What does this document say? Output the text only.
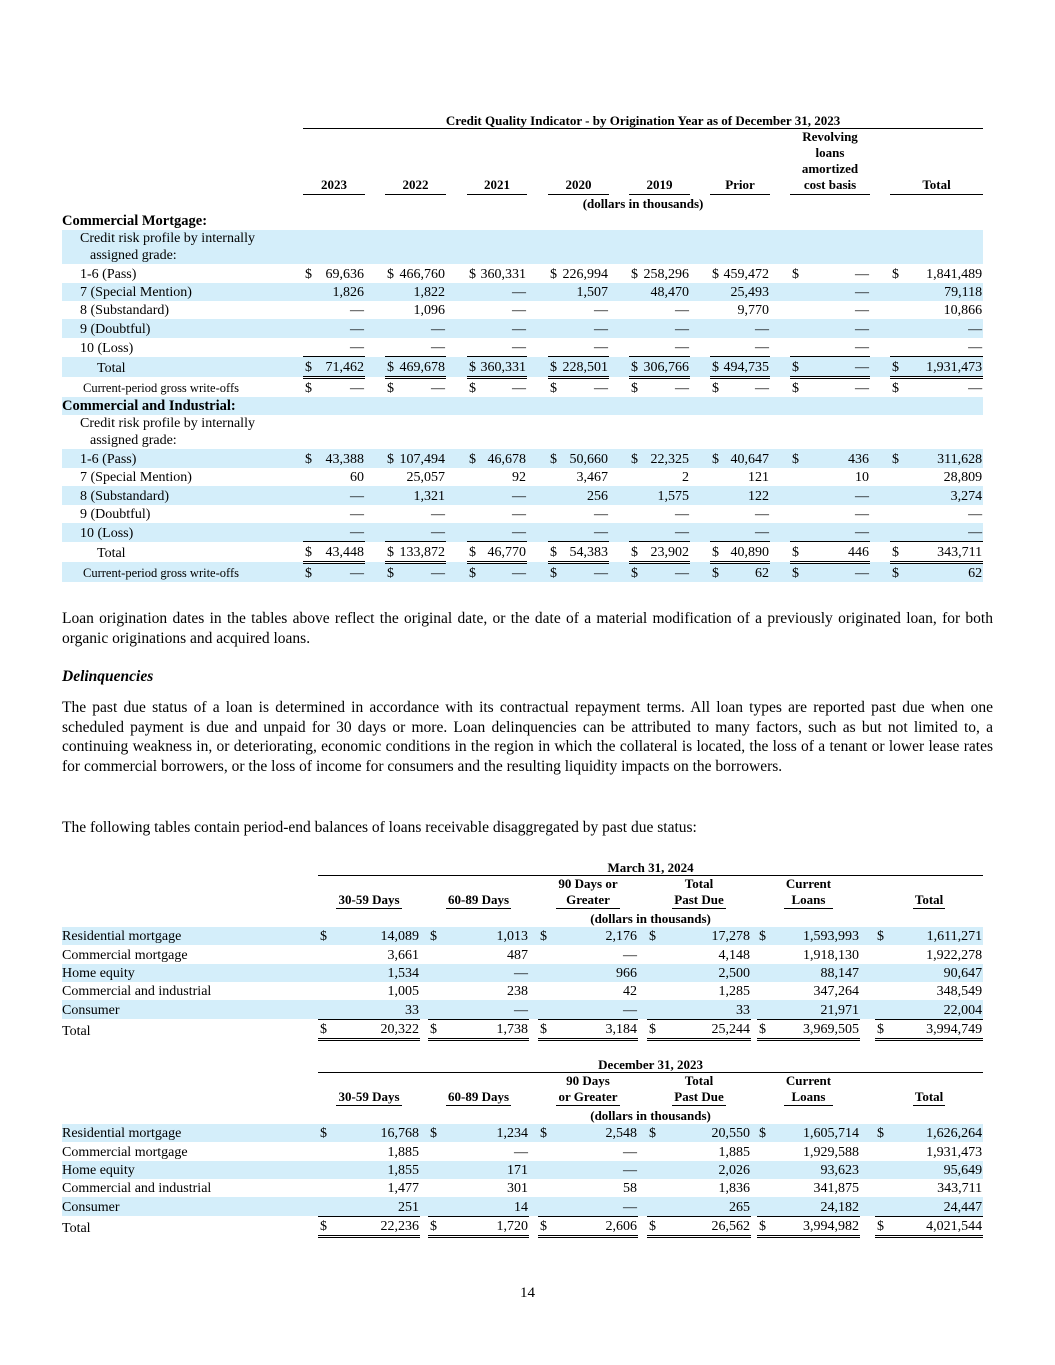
	Credit Quality Indicator - by Origination Year as of December 31, 2023														
	2023		2022		2021		2020		2019		Prior		Revolving
loans
amortized
cost basis		Total
	(dollars in thousands)														
Commercial Mortgage:															

Credit risk profile by internally
assigned grade:															

1-6 (Pass)	$ 69,636		$ 466,760		$ 360,331		$ 226,994		$ 258,296		$ 459,472		$ —		$ 1,841,489
7 (Special Mention)	1,826		1,822		—		1,507		48,470		25,493		—		79,118
8 (Substandard)	—		1,096		—		—		—		9,770		—		10,866
9 (Doubtful)	—		—		—		—		—		—		—		—
10 (Loss)	—		—		—		—		—		—		—		—
Total	$ 71,462		$ 469,678		$ 360,331		$ 228,501		$ 306,766		$ 494,735		$ —		$ 1,931,473
Current-period gross write-offs	$ —		$ —		$ —		$ —		$ —		$ —		$ —		$ —
Commercial and Industrial:															

Credit risk profile by internally
assigned grade:															

1-6 (Pass)	$ 43,388		$ 107,494		$ 46,678		$ 50,660		$ 22,325		$ 40,647		$ 436		$ 311,628
7 (Special Mention)	60		25,057		92		3,467		2		121		10		28,809
8 (Substandard)	—		1,321		—		256		1,575		122		—		3,274
9 (Doubtful)	—		—		—		—		—		—		—		—
10 (Loss)	—		—		—		—		—		—		—		—
Total	$ 43,448		$ 133,872		$ 46,770		$ 54,383		$ 23,902		$ 40,890		$ 446		$ 343,711
Current-period gross write-offs	$ —		$ —		$ —		$ —		$ —		$ 62		$ —		$ 62

Loan origination dates in the tables above reflect the original date, or the date of a material modification of a previously originated loan, for both organic originations and acquired loans.

Delinquencies

The past due status of a loan is determined in accordance with its contractual repayment terms. All loan types are reported past due when one scheduled payment is due and unpaid for 30 days or more. Loan delinquencies can be attributed to many factors, such as but not limited to, a continuing weakness in, or deteriorating, economic conditions in the region in which the collateral is located, the loss of a tenant or lower lease rates for commercial borrowers, or the loss of income for consumers and the resulting liquidity impacts on the borrowers.

The following tables contain period-end balances of loans receivable disaggregated by past due status:

	March 31, 2024										
	30-59 Days		60-89 Days		90 Days or
Greater		Total
Past Due		Current
Loans		Total
	(dollars in thousands)										
Residential mortgage	$ 14,089		$ 1,013		$ 2,176		$ 17,278		$ 1,593,993		$ 1,611,271
Commercial mortgage	3,661		487		—		4,148		1,918,130		1,922,278
Home equity	1,534		—		966		2,500		88,147		90,647
Commercial and industrial	1,005		238		42		1,285		347,264		348,549
Consumer	33		—		—		33		21,971		22,004
Total	$ 20,322		$ 1,738		$ 3,184		$ 25,244		$ 3,969,505		$ 3,994,749
	December 31, 2023										
	30-59 Days		60-89 Days		90 Days
or Greater		Total
Past Due		Current
Loans		Total
	(dollars in thousands)										
Residential mortgage	$ 16,768		$ 1,234		$ 2,548		$ 20,550		$ 1,605,714		$ 1,626,264
Commercial mortgage	1,885		—		—		1,885		1,929,588		1,931,473
Home equity	1,855		171		—		2,026		93,623		95,649
Commercial and industrial	1,477		301		58		1,836		341,875		343,711
Consumer	251		14		—		265		24,182		24,447
Total	$ 22,236		$ 1,720		$ 2,606		$ 26,562		$ 3,994,982		$ 4,021,544
14
